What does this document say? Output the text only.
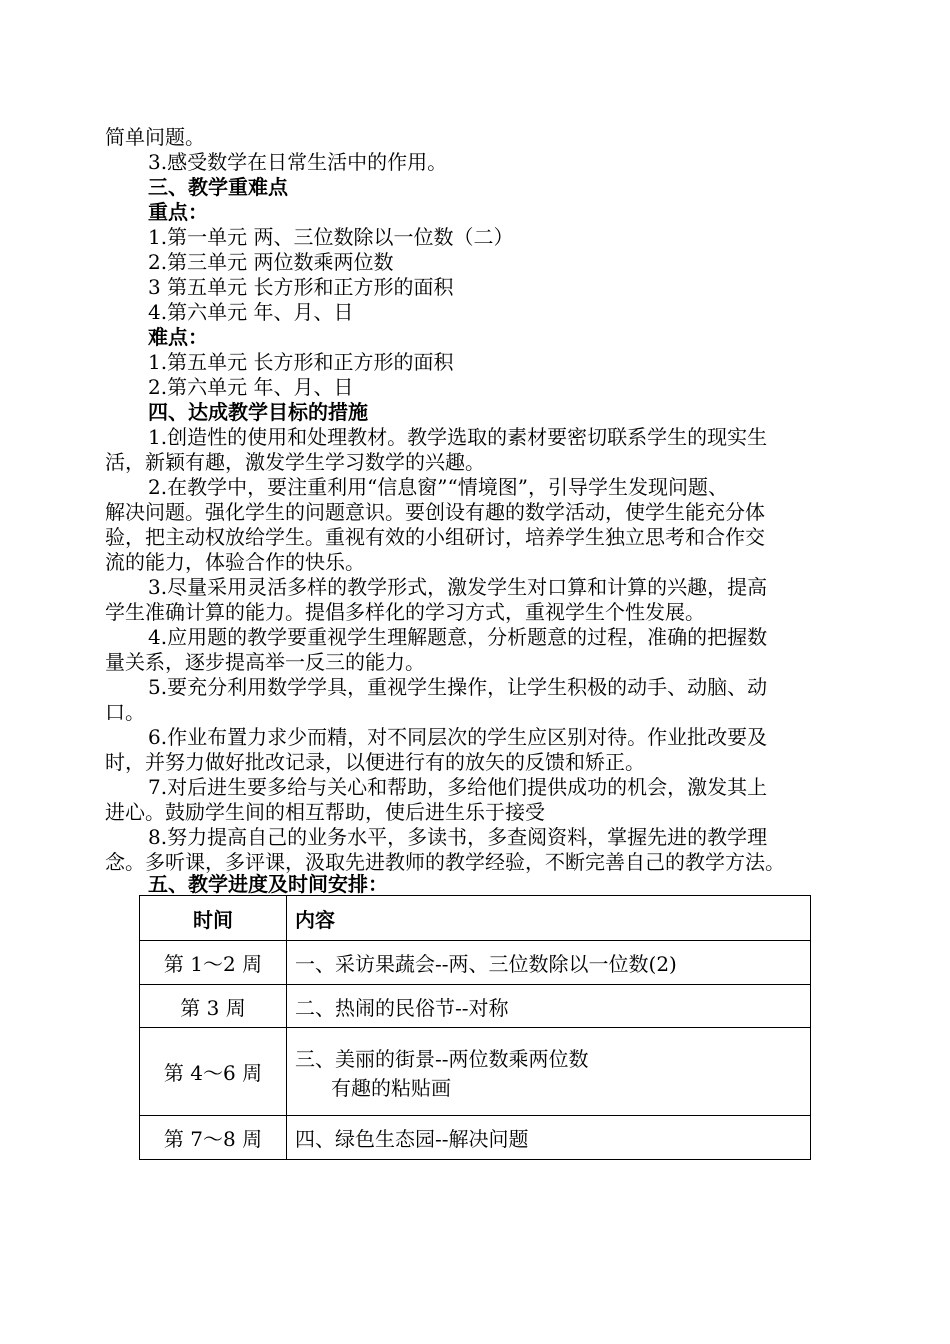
简单问题。
3.感受数学在日常生活中的作用。
三、教学重难点
重点：
1.第一单元 两、三位数除以一位数（二）
2.第三单元 两位数乘两位数
3 第五单元 长方形和正方形的面积
4.第六单元 年、月、日
难点：
1.第五单元 长方形和正方形的面积
2.第六单元 年、月、日
四、达成教学目标的措施
1.创造性的使用和处理教材。教学选取的素材要密切联系学生的现实生
活，新颖有趣，激发学生学习数学的兴趣。
2.在教学中，要注重利用“信息窗”“情境图”，引导学生发现问题、
解决问题。强化学生的问题意识。要创设有趣的数学活动，使学生能充分体
验，把主动权放给学生。重视有效的小组研讨，培养学生独立思考和合作交
流的能力，体验合作的快乐。
3.尽量采用灵活多样的教学形式，激发学生对口算和计算的兴趣，提高
学生准确计算的能力。提倡多样化的学习方式，重视学生个性发展。
4.应用题的教学要重视学生理解题意，分析题意的过程，准确的把握数
量关系，逐步提高举一反三的能力。
5.要充分利用数学学具，重视学生操作，让学生积极的动手、动脑、动
口。
6.作业布置力求少而精，对不同层次的学生应区别对待。作业批改要及
时，并努力做好批改记录，以便进行有的放矢的反馈和矫正。
7.对后进生要多给与关心和帮助，多给他们提供成功的机会，激发其上
进心。鼓励学生间的相互帮助，使后进生乐于接受
8.努力提高自己的业务水平，多读书，多查阅资料，掌握先进的教学理
念。多听课，多评课，汲取先进教师的教学经验，不断完善自己的教学方法。
五、教学进度及时间安排：
时间	内容
第 1～2 周	一、采访果蔬会--两、三位数除以一位数(2)
第 3 周	二、热闹的民俗节--对称
第 4～6 周	三、美丽的街景--两位数乘两位数
有趣的粘贴画

第 7～8 周	四、绿色生态园--解决问题
